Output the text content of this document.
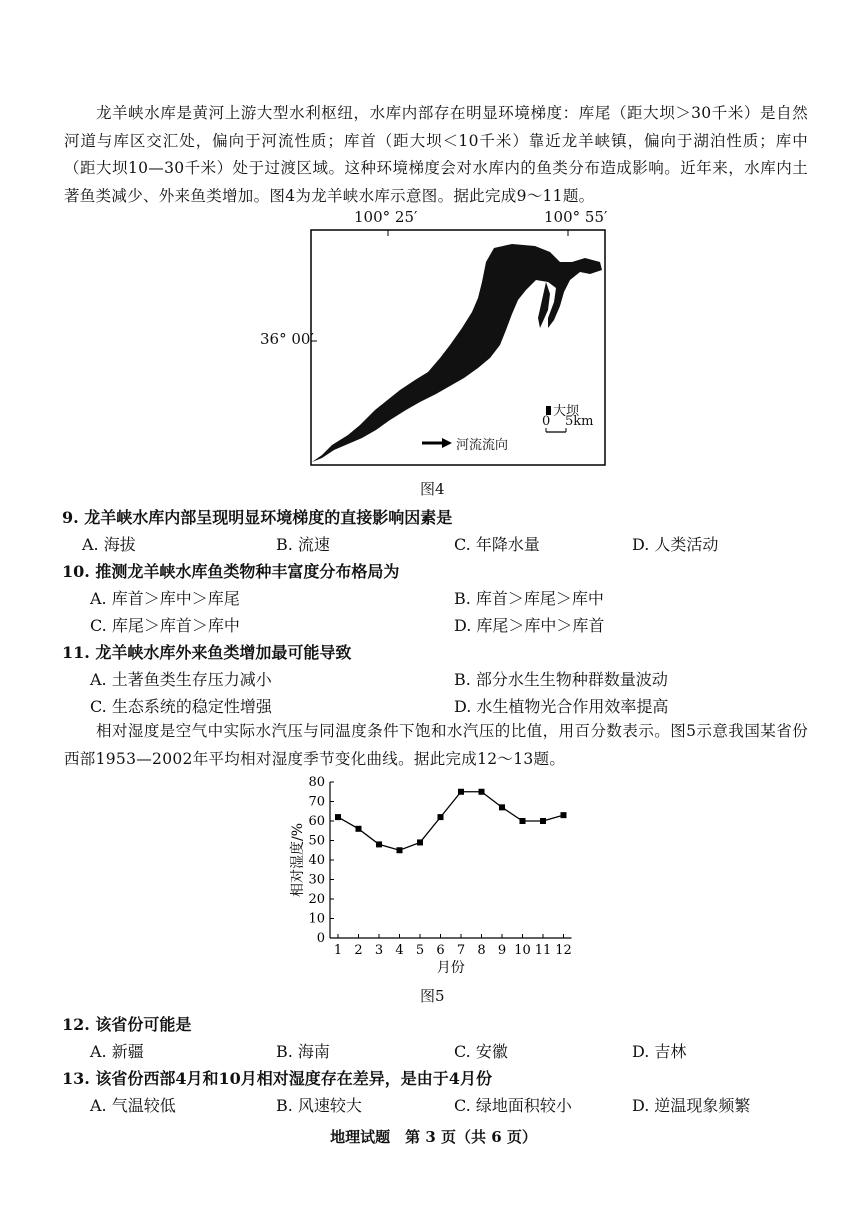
龙羊峡水库是黄河上游大型水利枢纽，水库内部存在明显环境梯度：库尾（距大坝＞30千米）是自然河道与库区交汇处，偏向于河流性质；库首（距大坝＜10千米）靠近龙羊峡镇，偏向于湖泊性质；库中（距大坝10—30千米）处于过渡区域。这种环境梯度会对水库内的鱼类分布造成影响。近年来，水库内土著鱼类减少、外来鱼类增加。图4为龙羊峡水库示意图。据此完成9～11题。
100° 25′	100° 55′
36° 00′
大坝
0 5km
河流流向
图4
9. 龙羊峡水库内部呈现明显环境梯度的直接影响因素是
A. 海拔	B. 流速	C. 年降水量	D. 人类活动
10. 推测龙羊峡水库鱼类物种丰富度分布格局为
A. 库首＞库中＞库尾	B. 库首＞库尾＞库中
C. 库尾＞库首＞库中	D. 库尾＞库中＞库首
11. 龙羊峡水库外来鱼类增加最可能导致
A. 土著鱼类生存压力减小	B. 部分水生生物种群数量波动
C. 生态系统的稳定性增强	D. 水生植物光合作用效率提高
相对湿度是空气中实际水汽压与同温度条件下饱和水汽压的比值，用百分数表示。图5示意我国某省份西部1953—2002年平均相对湿度季节变化曲线。据此完成12～13题。
0
10
20
30
40
50
60
70
80
1 2 3 4 5 6 7 8 9 10 11 12
月份
相对湿度/%
图5
12. 该省份可能是
A. 新疆	B. 海南	C. 安徽	D. 吉林
13. 该省份西部4月和10月相对湿度存在差异，是由于4月份
A. 气温较低	B. 风速较大	C. 绿地面积较小	D. 逆温现象频繁
地理试题　第 3 页（共 6 页）
